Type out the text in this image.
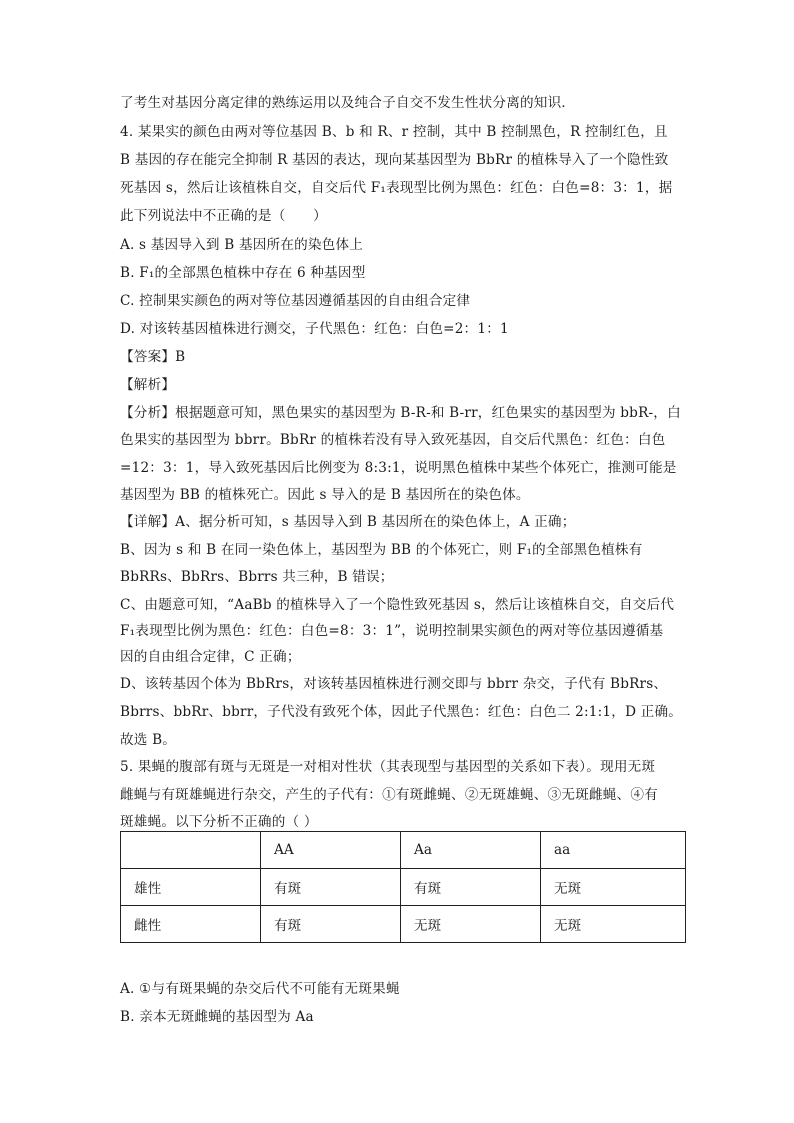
了考生对基因分离定律的熟练运用以及纯合子自交不发生性状分离的知识．
4. 某果实的颜色由两对等位基因 B、b 和 R、r 控制，其中 B 控制黑色，R 控制红色，且
B 基因的存在能完全抑制 R 基因的表达，现向某基因型为 BbRr 的植株导入了一个隐性致
死基因 s，然后让该植株自交，自交后代 F₁表现型比例为黑色：红色：白色=8：3：1，据
此下列说法中不正确的是（　　）
A. s 基因导入到 B 基因所在的染色体上
B. F₁的全部黑色植株中存在 6 种基因型
C. 控制果实颜色的两对等位基因遵循基因的自由组合定律
D. 对该转基因植株进行测交，子代黑色：红色：白色=2：1：1
【答案】B
【解析】
【分析】根据题意可知，黑色果实的基因型为 B-R-和 B-rr，红色果实的基因型为 bbR-，白
色果实的基因型为 bbrr。BbRr 的植株若没有导入致死基因，自交后代黑色：红色：白色
=12：3：1，导入致死基因后比例变为 8:3:1，说明黑色植株中某些个体死亡，推测可能是
基因型为 BB 的植株死亡。因此 s 导入的是 B 基因所在的染色体。
【详解】A、据分析可知，s 基因导入到 B 基因所在的染色体上，A 正确；
B、因为 s 和 B 在同一染色体上，基因型为 BB 的个体死亡，则 F₁的全部黑色植株有
BbRRs、BbRrs、Bbrrs 共三种，B 错误；
C、由题意可知，“AaBb 的植株导入了一个隐性致死基因 s，然后让该植株自交，自交后代
F₁表现型比例为黑色：红色：白色=8：3：1”，说明控制果实颜色的两对等位基因遵循基
因的自由组合定律，C 正确；
D、该转基因个体为 BbRrs，对该转基因植株进行测交即与 bbrr 杂交，子代有 BbRrs、
Bbrrs、bbRr、bbrr，子代没有致死个体，因此子代黑色：红色：白色二 2:1:1，D 正确。
故选 B。
5. 果蝇的腹部有斑与无斑是一对相对性状（其表现型与基因型的关系如下表）。现用无斑
雌蝇与有斑雄蝇进行杂交，产生的子代有：①有斑雌蝇、②无斑雄蝇、③无斑雌蝇、④有
斑雄蝇。以下分析不正确的（ ）
	AA	Aa	aa
雄性	有斑	有斑	无斑
雌性	有斑	无斑	无斑
A. ①与有斑果蝇的杂交后代不可能有无斑果蝇
B. 亲本无斑雌蝇的基因型为 Aa
